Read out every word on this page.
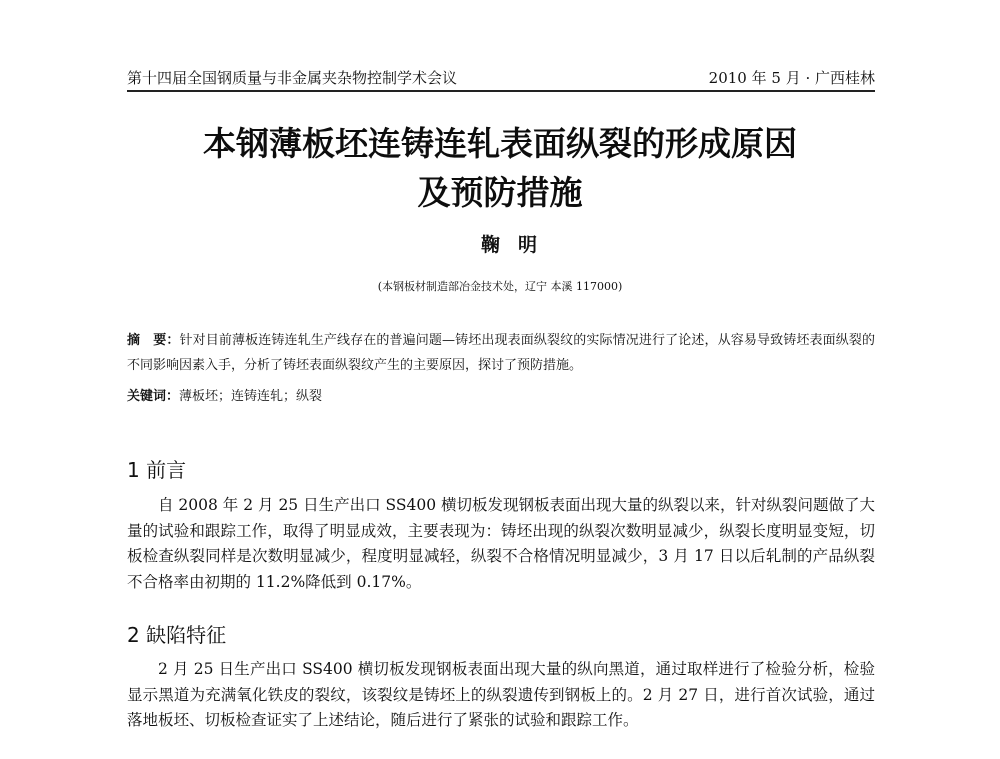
第十四届全国钢质量与非金属夹杂物控制学术会议	2010 年 5 月 · 广西桂林
本钢薄板坯连铸连轧表面纵裂的形成原因
及预防措施
鞠明
(本钢板材制造部冶金技术处，辽宁 本溪 117000)
摘　要：针对目前薄板连铸连轧生产线存在的普遍问题—铸坯出现表面纵裂纹的实际情况进行了论述，从容易导致铸坯表面纵裂的不同影响因素入手，分析了铸坯表面纵裂纹产生的主要原因，探讨了预防措施。
关键词：薄板坯；连铸连轧；纵裂
1 前言
自 2008 年 2 月 25 日生产出口 SS400 横切板发现钢板表面出现大量的纵裂以来，针对纵裂问题做了大量的试验和跟踪工作，取得了明显成效，主要表现为：铸坯出现的纵裂次数明显减少，纵裂长度明显变短，切板检查纵裂同样是次数明显减少，程度明显减轻，纵裂不合格情况明显减少，3 月 17 日以后轧制的产品纵裂不合格率由初期的 11.2%降低到 0.17%。
2 缺陷特征
2 月 25 日生产出口 SS400 横切板发现钢板表面出现大量的纵向黑道，通过取样进行了检验分析，检验显示黑道为充满氧化铁皮的裂纹，该裂纹是铸坯上的纵裂遗传到钢板上的。2 月 27 日，进行首次试验，通过落地板坯、切板检查证实了上述结论，随后进行了紧张的试验和跟踪工作。
